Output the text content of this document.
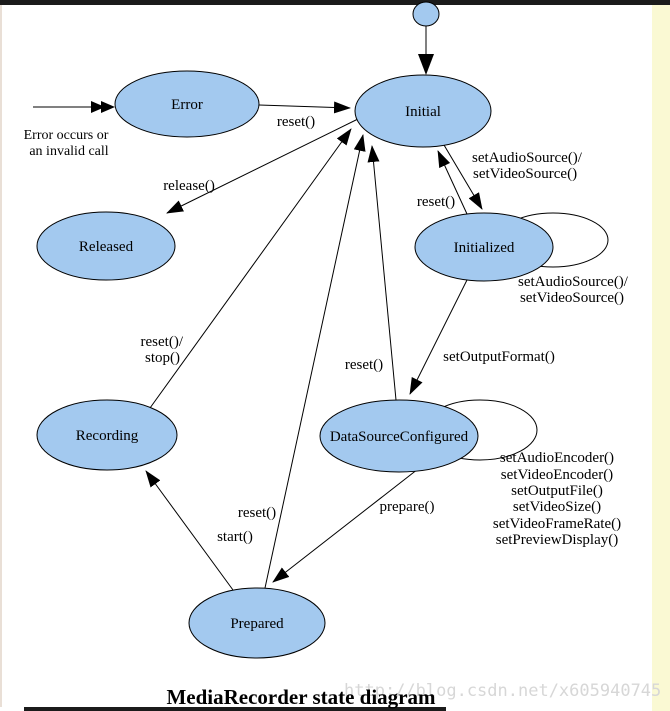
Error	Initial
Released	Initialized
Recording	DataSourceConfigured
Prepared
Error occurs or
an invalid call
reset()
release()
reset()
setAudioSource()/
setVideoSource()
setAudioSource()/
setVideoSource()
setOutputFormat()
reset()
reset()/
stop()
reset()	prepare()
start()
setAudioEncoder()
setVideoEncoder()
setOutputFile()
setVideoSize()
setVideoFrameRate()
setPreviewDisplay()
http://blog.csdn.net/x605940745
MediaRecorder state diagram
